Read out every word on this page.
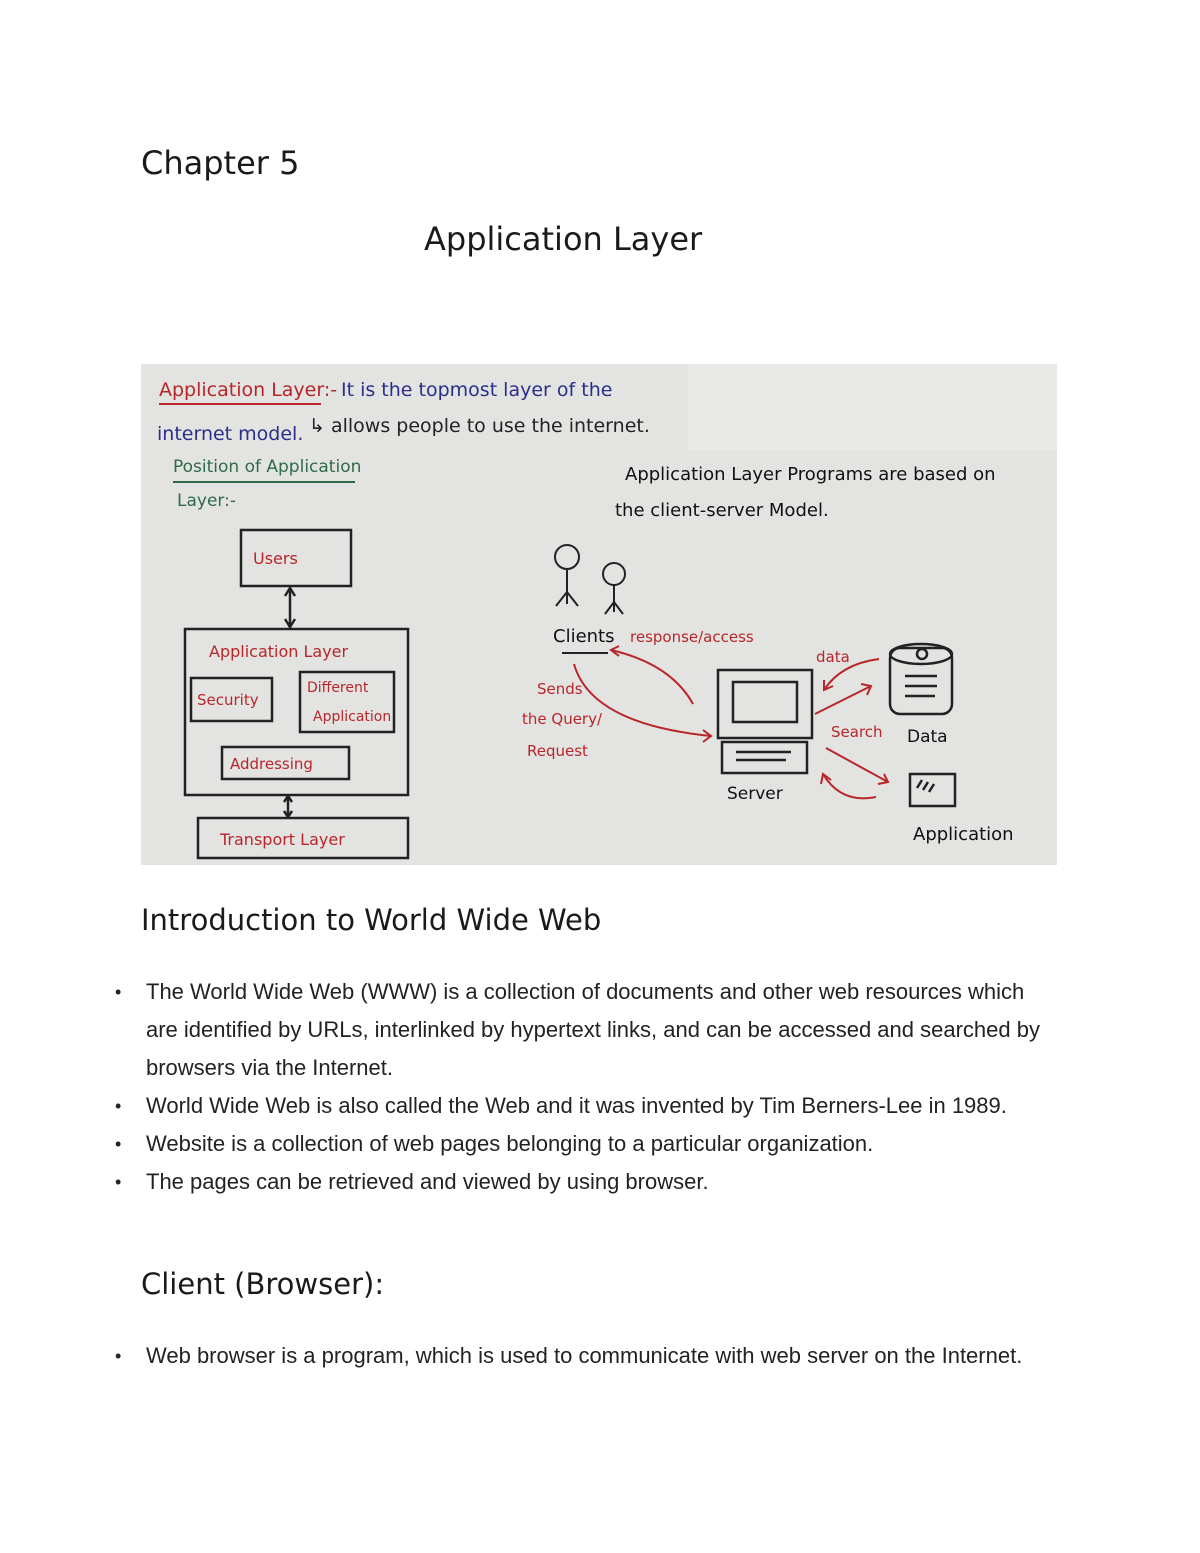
Chapter 5
Application Layer
Application Layer:- It is the topmost layer of the
internet model. ↳ allows people to use the internet.
Position of Application
Layer:-
Users
Application Layer
Security
Different
Application
Addressing
Transport Layer
Application Layer Programs are based on
the client-server Model.
Clients
Server
Data
Application
response/access
Sends
the Query/
Request
data
Search
Introduction to World Wide Web
• The World Wide Web (WWW) is a collection of documents and other web resources which are identified by URLs, interlinked by hypertext links, and can be accessed and searched by browsers via the Internet.
• World Wide Web is also called the Web and it was invented by Tim Berners-Lee in 1989.
• Website is a collection of web pages belonging to a particular organization.
• The pages can be retrieved and viewed by using browser.
Client (Browser):
• Web browser is a program, which is used to communicate with web server on the Internet.
